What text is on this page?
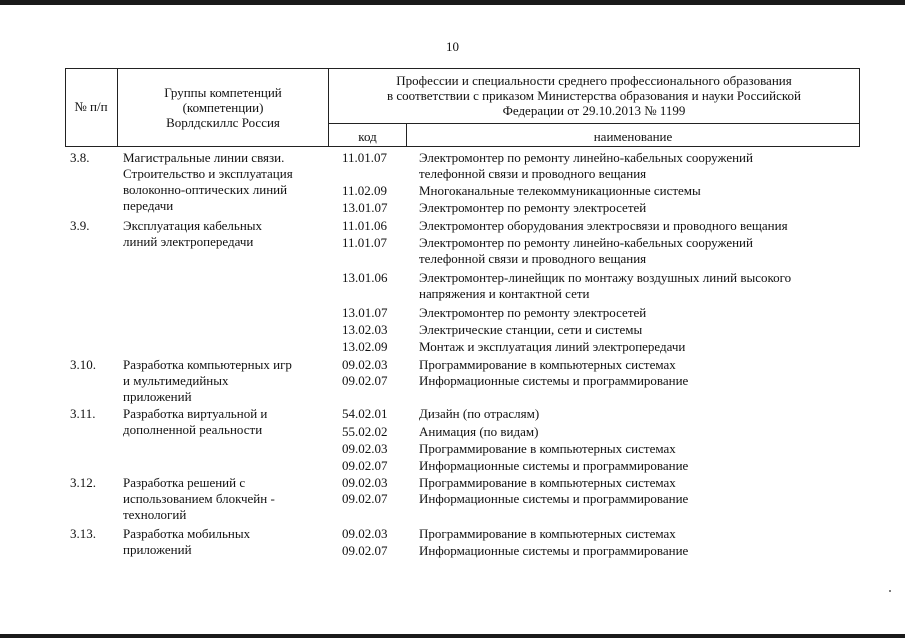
10
№ п/п
Группы компетенций
(компетенции)
Ворлдскиллс Россия
Профессии и специальности среднего профессионального образования
в соответствии с приказом Министерства образования и науки Российской
Федерации от 29.10.2013 № 1199
код	наименование
3.8.	Магистральные линии связи.
Строительство и эксплуатация
волоконно-оптических линий
передачи
11.01.07 Электромонтер по ремонту линейно-кабельных сооружений
телефонной связи и проводного вещания
11.02.09 Многоканальные телекоммуникационные системы
13.01.07 Электромонтер по ремонту электросетей
3.9.	Эксплуатация кабельных
линий электропередачи
11.01.06 Электромонтер оборудования электросвязи и проводного вещания
11.01.07 Электромонтер по ремонту линейно-кабельных сооружений
телефонной связи и проводного вещания
13.01.06 Электромонтер-линейщик по монтажу воздушных линий высокого
напряжения и контактной сети
13.01.07 Электромонтер по ремонту электросетей
13.02.03 Электрические станции, сети и системы
13.02.09 Монтаж и эксплуатация линий электропередачи
3.10. Разработка компьютерных игр
и мультимедийных
приложений
09.02.03 Программирование в компьютерных системах
09.02.07 Информационные системы и программирование
3.11. Разработка виртуальной и
дополненной реальности
54.02.01 Дизайн (по отраслям)
55.02.02 Анимация (по видам)
09.02.03 Программирование в компьютерных системах
09.02.07 Информационные системы и программирование
3.12. Разработка решений с
использованием блокчейн -
технологий
09.02.03 Программирование в компьютерных системах
09.02.07 Информационные системы и программирование
3.13. Разработка мобильных
приложений
09.02.03 Программирование в компьютерных системах
09.02.07 Информационные системы и программирование
